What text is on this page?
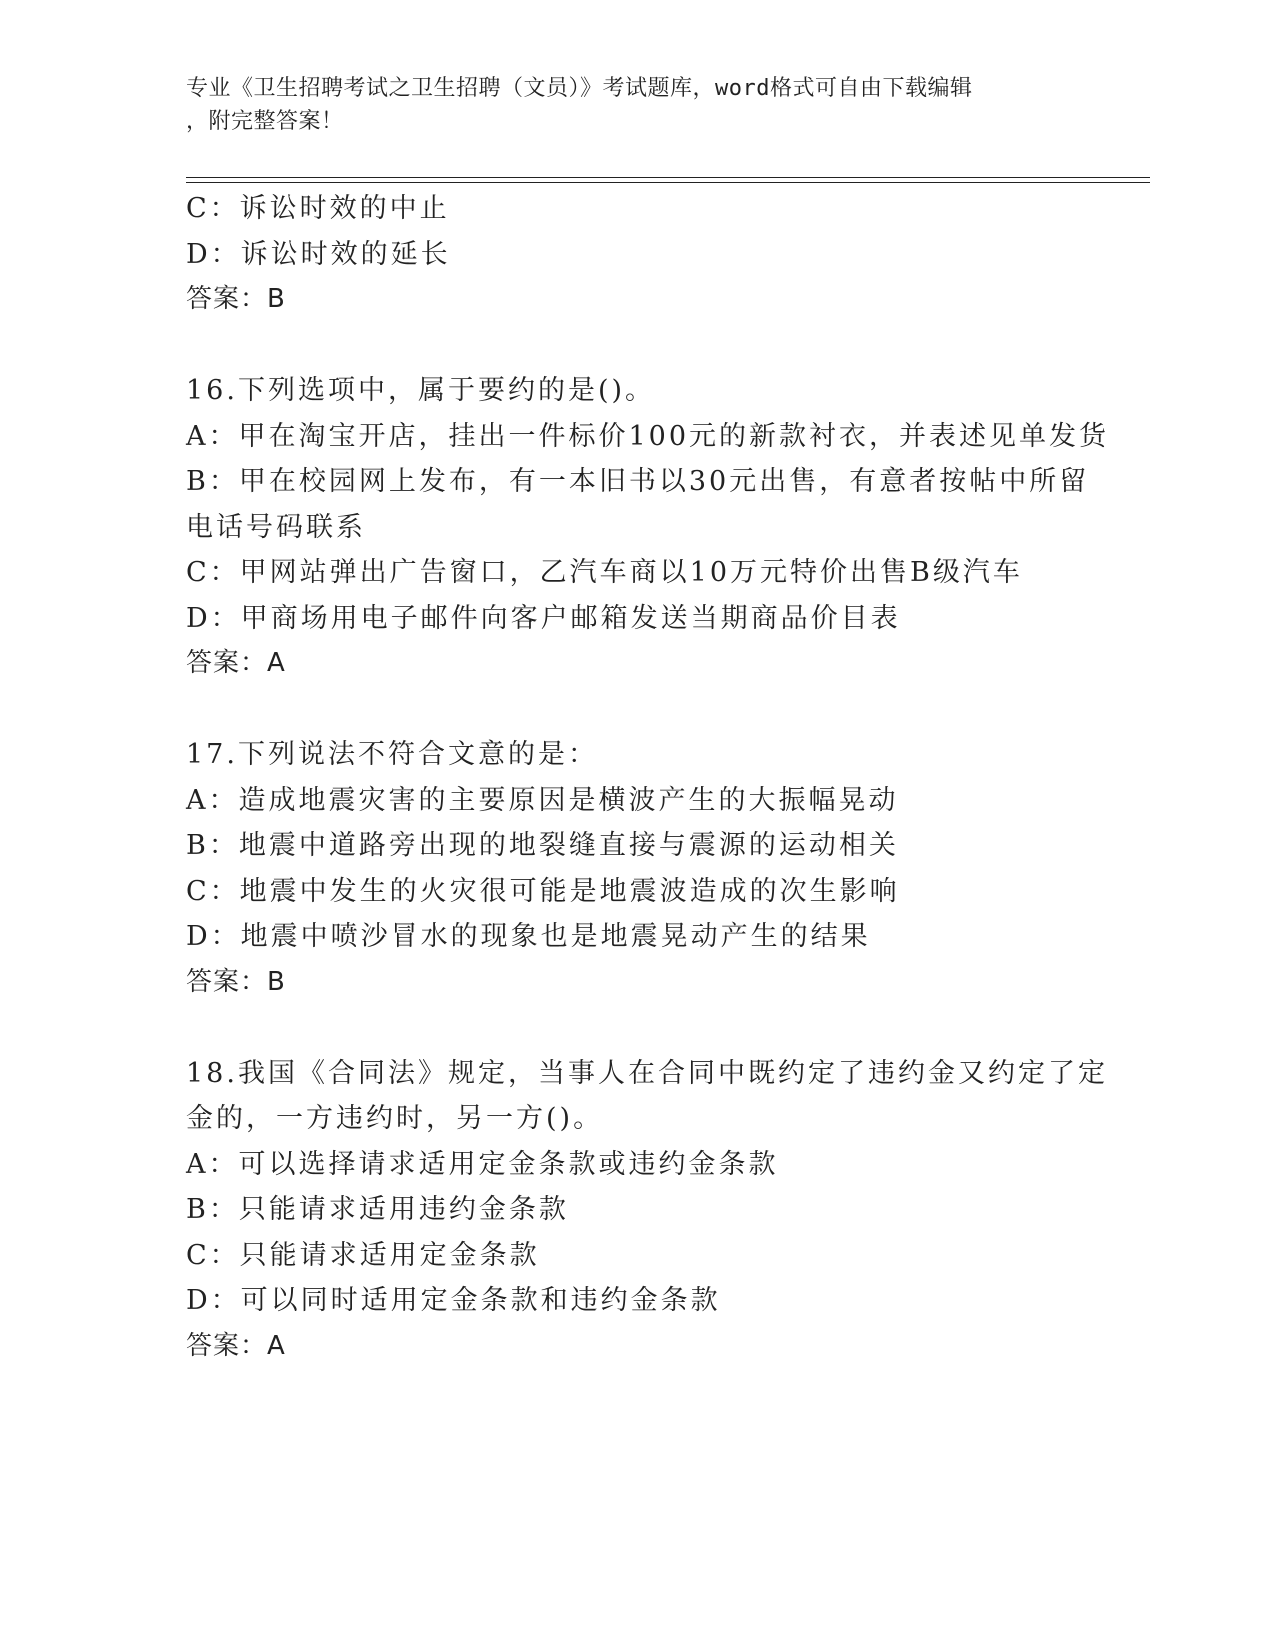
专业《卫生招聘考试之卫生招聘（文员）》考试题库，word格式可自由下载编辑
，附完整答案！
C：诉讼时效的中止
D：诉讼时效的延长
答案：B
16.下列选项中，属于要约的是()。
A：甲在淘宝开店，挂出一件标价100元的新款衬衣，并表述见单发货
B：甲在校园网上发布，有一本旧书以30元出售，有意者按帖中所留
电话号码联系
C：甲网站弹出广告窗口，乙汽车商以10万元特价出售B级汽车
D：甲商场用电子邮件向客户邮箱发送当期商品价目表
答案：A
17.下列说法不符合文意的是：
A：造成地震灾害的主要原因是横波产生的大振幅晃动
B：地震中道路旁出现的地裂缝直接与震源的运动相关
C：地震中发生的火灾很可能是地震波造成的次生影响
D：地震中喷沙冒水的现象也是地震晃动产生的结果
答案：B
18.我国《合同法》规定，当事人在合同中既约定了违约金又约定了定
金的，一方违约时，另一方()。
A：可以选择请求适用定金条款或违约金条款
B：只能请求适用违约金条款
C：只能请求适用定金条款
D：可以同时适用定金条款和违约金条款
答案：A
